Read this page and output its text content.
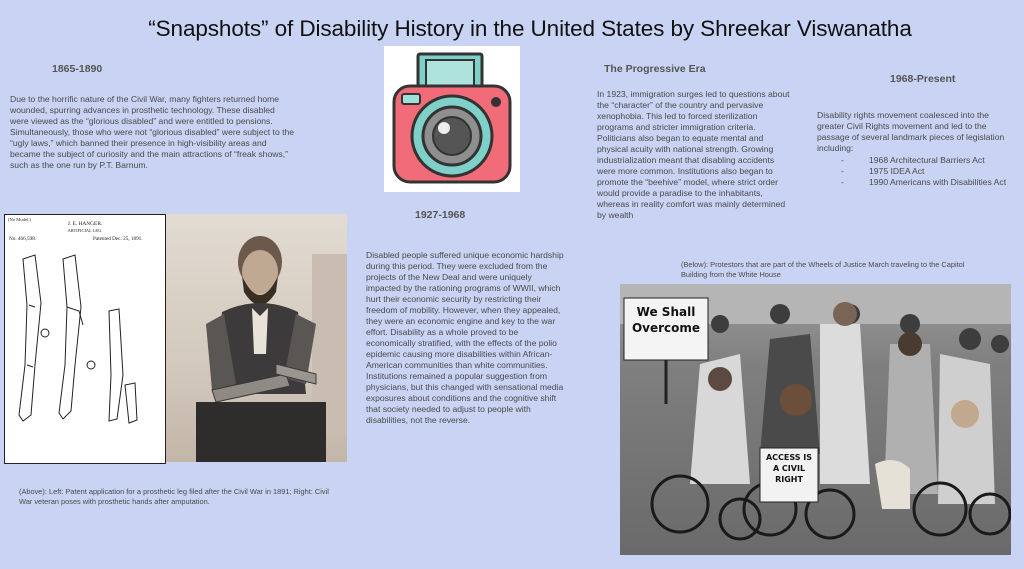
“Snapshots” of Disability History in the United States by Shreekar Viswanatha
1865-1890
Due to the horrific nature of the Civil War, many fighters returned home wounded, spurring advances in prosthetic technology. These disabled were viewed as the “glorious disabled” and were entitled to pensions. Simultaneously, those who were not “glorious disabled” were subject to the “ugly laws,” which banned their presence in high-visibility areas and became the subject of curiosity and the main attractions of “freak shows,” such as the one run by P.T. Barnum.
(No Model.)
J. E. HANGER.
ARTIFICIAL LEG.
No. 466,598.	Patented Dec. 25, 1891.
1927-1968
Disabled people suffered unique economic hardship during this period. They were excluded from the projects of the New Deal and were uniquely impacted by the rationing programs of WWII, which hurt their economic security by restricting their freedom of mobility. However, when they appealed, they were an economic engine and key to the war effort. Disability as a whole proved to be economically stratified, with the effects of the polio epidemic causing more disabilities within African-American communities than white communities. Institutions remained a popular suggestion from physicians, but this changed with sensational media exposures about conditions and the cognitive shift that society needed to adjust to people with disabilities, not the reverse.
The Progressive Era
In 1923, immigration surges led to questions about the “character” of the country and pervasive xenophobia. This led to forced sterilization programs and stricter immigration criteria. Politicians also began to equate mental and physical acuity with national strength. Growing industrialization meant that disabling accidents were more common. Institutions also began to promote the “beehive” model, where strict order would provide a paradise to the inhabitants, whereas in reality comfort was mainly determined by wealth
1968-Present
Disability rights movement coalesced into the greater Civil Rights movement and led to the passage of several landmark pieces of legislation including:
- 1968 Architectural Barriers Act
- 1975 IDEA Act
- 1990 Americans with Disabilities Act
(Above): Left: Patent application for a prosthetic leg filed after the Civil War in 1891; Right: Civil War veteran poses with prosthetic hands after amputation.
(Below): Protestors that are part of the Wheels of Justice March traveling to the Capitol Building from the White House
We Shall Overcome
ACCESS IS A CIVIL RIGHT
